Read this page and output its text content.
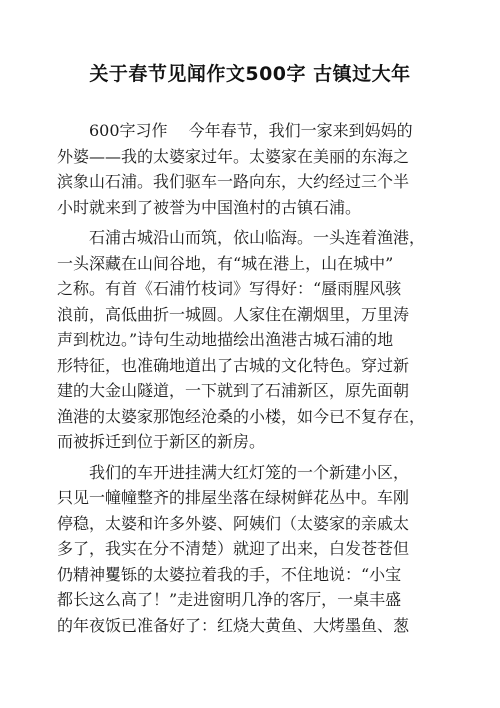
关于春节见闻作文500字 古镇过大年

600字习作　 今年春节，我们一家来到妈妈的
外婆——我的太婆家过年。太婆家在美丽的东海之
滨象山石浦。我们驱车一路向东，大约经过三个半
小时就来到了被誉为中国渔村的古镇石浦。

石浦古城沿山而筑，依山临海。一头连着渔港，
一头深藏在山间谷地，有“城在港上，山在城中”
之称。有首《石浦竹枝词》写得好：“蜃雨腥风骇
浪前，高低曲折一城圆。人家住在潮烟里，万里涛
声到枕边。”诗句生动地描绘出渔港古城石浦的地
形特征，也准确地道出了古城的文化特色。穿过新
建的大金山隧道，一下就到了石浦新区，原先面朝
渔港的太婆家那饱经沧桑的小楼，如今已不复存在，
而被拆迁到位于新区的新房。

我们的车开进挂满大红灯笼的一个新建小区，
只见一幢幢整齐的排屋坐落在绿树鲜花丛中。车刚
停稳，太婆和许多外婆、阿姨们（太婆家的亲戚太
多了，我实在分不清楚）就迎了出来，白发苍苍但
仍精神矍铄的太婆拉着我的手，不住地说：“小宝
都长这么高了！”走进窗明几净的客厅，一桌丰盛
的年夜饭已准备好了：红烧大黄鱼、大烤墨鱼、葱
